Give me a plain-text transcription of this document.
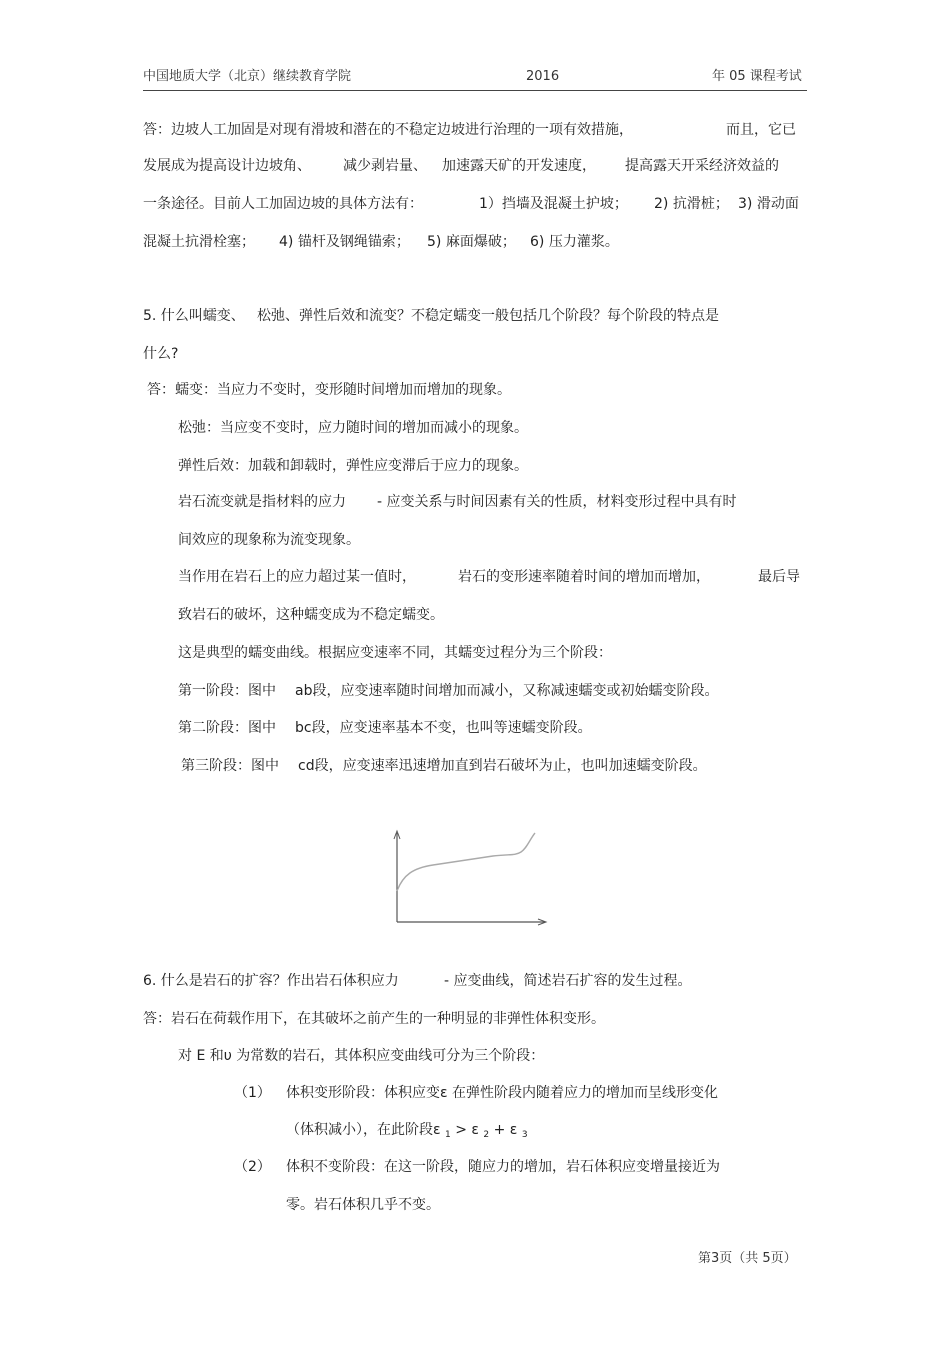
中国地质大学（北京）继续教育学院	2016	年 05 课程考试
答：边坡人工加固是对现有滑坡和潜在的不稳定边坡进行治理的一项有效措施，	而且，它已
发展成为提高设计边坡角、 减少剥岩量、 加速露天矿的开发速度， 提高露天开采经济效益的
一条途径。目前人工加固边坡的具体方法有：	1）挡墙及混凝土护坡； 2) 抗滑桩； 3) 滑动面
混凝土抗滑栓塞； 4) 锚杆及钢绳锚索； 5) 麻面爆破； 6) 压力灌浆。
5. 什么叫蠕变、 松弛、弹性后效和流变？不稳定蠕变一般包括几个阶段？每个阶段的特点是
什么?
答：蠕变：当应力不变时，变形随时间增加而增加的现象。
松弛：当应变不变时，应力随时间的增加而减小的现象。
弹性后效：加载和卸载时，弹性应变滞后于应力的现象。
岩石流变就是指材料的应力 - 应变关系与时间因素有关的性质，材料变形过程中具有时
间效应的现象称为流变现象。
当作用在岩石上的应力超过某一值时，	岩石的变形速率随着时间的增加而增加，	最后导
致岩石的破坏，这种蠕变成为不稳定蠕变。
这是典型的蠕变曲线。根据应变速率不同，其蠕变过程分为三个阶段：
第一阶段：图中 ab段，应变速率随时间增加而减小，又称减速蠕变或初始蠕变阶段。
第二阶段：图中 bc段，应变速率基本不变，也叫等速蠕变阶段。
第三阶段：图中 cd段，应变速率迅速增加直到岩石破坏为止，也叫加速蠕变阶段。
6. 什么是岩石的扩容？作出岩石体积应力	- 应变曲线，简述岩石扩容的发生过程。
答：岩石在荷载作用下，在其破坏之前产生的一种明显的非弹性体积变形。
对 E 和υ 为常数的岩石，其体积应变曲线可分为三个阶段：
（1） 体积变形阶段：体积应变ε 在弹性阶段内随着应力的增加而呈线形变化
（体积减小），在此阶段ε $_1$ > ε $_2$ + ε $_3$
（2） 体积不变阶段：在这一阶段，随应力的增加，岩石体积应变增量接近为
零。岩石体积几乎不变。
第3页（共 5页）
